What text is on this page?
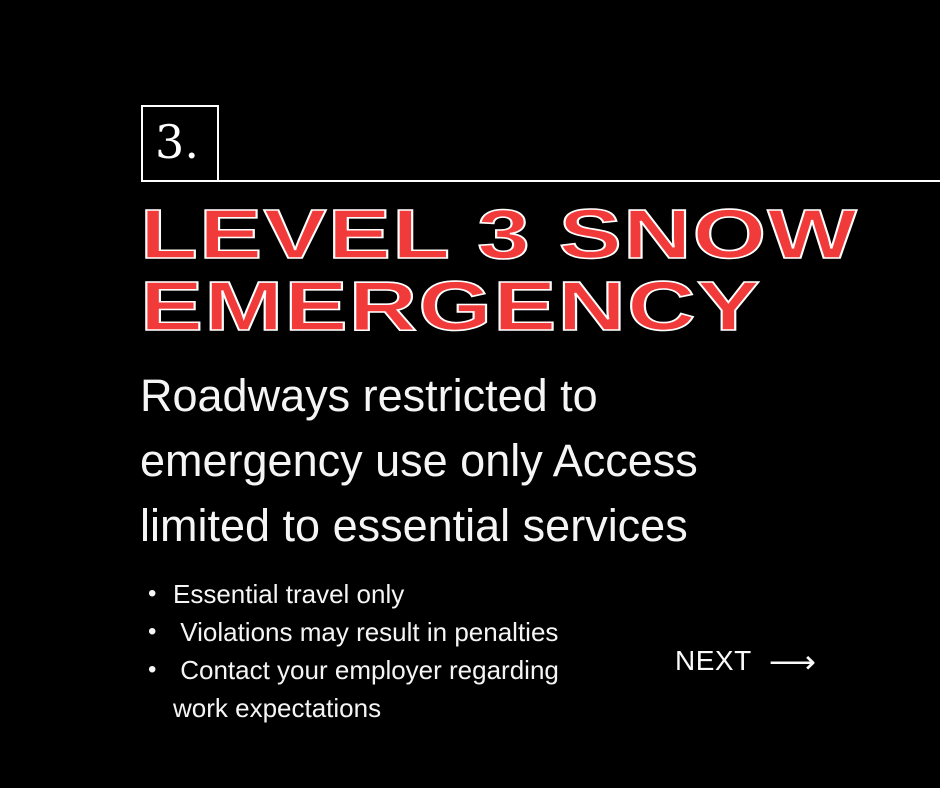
3.
LEVEL 3 SNOW
EMERGENCY
Roadways restricted to
emergency use only Access
limited to essential services
• Essential travel only
• Violations may result in penalties
• Contact your employer regarding work expectations
NEXT ⟶
